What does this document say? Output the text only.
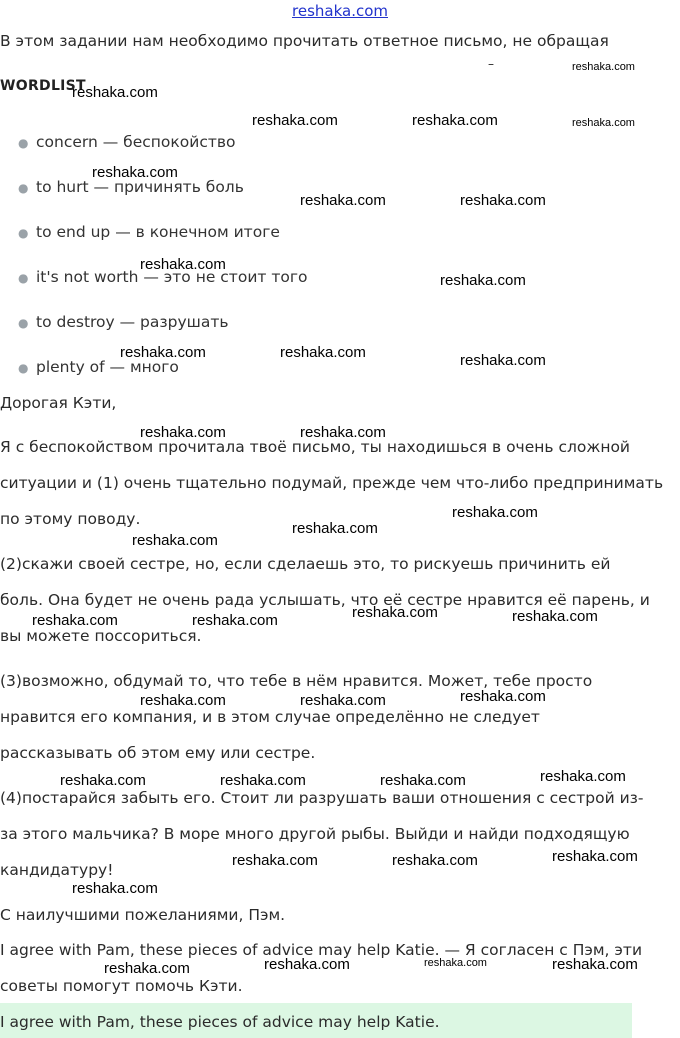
reshaka.com
В этом задании нам необходимо прочитать ответное письмо, не обращая
–
WORDLIST
● concern — беспокойство
● to hurt — причинять боль
● to end up — в конечном итоге
● it's not worth — это не стоит того
● to destroy — разрушать
● plenty of — много
Дорогая Кэти,
Я с беспокойством прочитала твоё письмо, ты находишься в очень сложной
ситуации и (1) очень тщательно подумай, прежде чем что-либо предпринимать
по этому поводу.
(2)скажи своей сестре, но, если сделаешь это, то рискуешь причинить ей
боль. Она будет не очень рада услышать, что её сестре нравится её парень, и
вы можете поссориться.
(3)возможно, обдумай то, что тебе в нём нравится. Может, тебе просто
нравится его компания, и в этом случае определённо не следует
рассказывать об этом ему или сестре.
(4)постарайся забыть его. Стоит ли разрушать ваши отношения с сестрой из-
за этого мальчика? В море много другой рыбы. Выйди и найди подходящую
кандидатуру!
С наилучшими пожеланиями, Пэм.
I agree with Pam, these pieces of advice may help Katie. — Я согласен с Пэм, эти
советы помогут помочь Кэти.
I agree with Pam, these pieces of advice may help Katie.
reshaka.com
reshaka.com
reshaka.com	reshaka.com	reshaka.com
reshaka.com
reshaka.com	reshaka.com
reshaka.com
reshaka.com
reshaka.com	reshaka.com	reshaka.com
reshaka.com	reshaka.com
reshaka.com
reshaka.com
reshaka.com
reshaka.com
reshaka.com	reshaka.com	reshaka.com
reshaka.com
reshaka.com	reshaka.com
reshaka.com
reshaka.com	reshaka.com	reshaka.com
reshaka.com
reshaka.com	reshaka.com
reshaka.com
reshaka.com	reshaka.com	reshaka.com
reshaka.com
